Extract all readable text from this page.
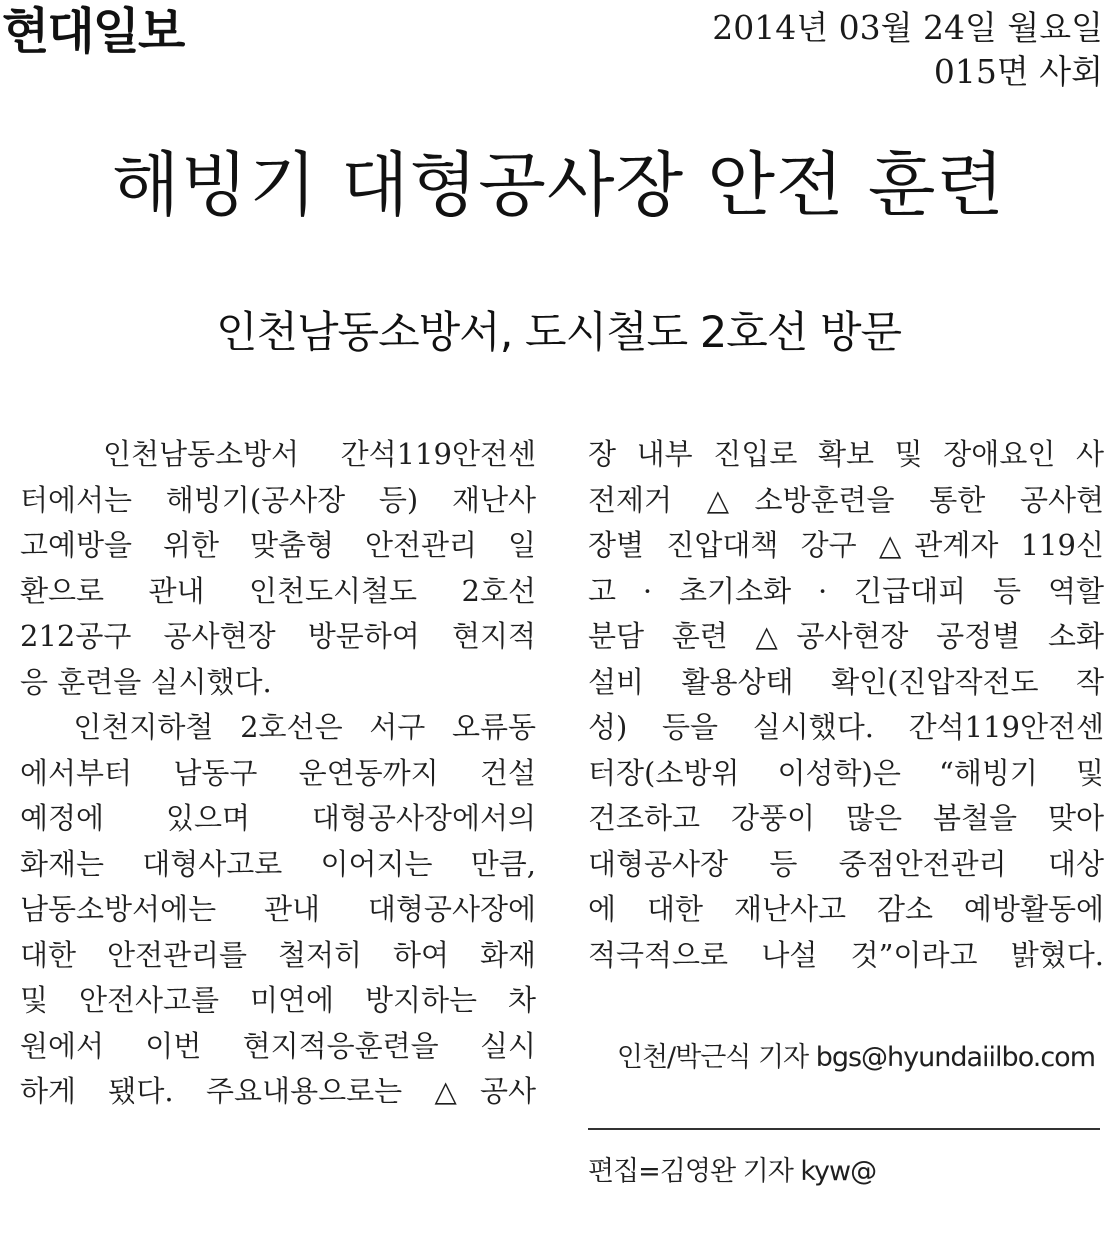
현대일보	2014년 03월 24일 월요일
015면 사회
해빙기 대형공사장 안전 훈련
인천남동소방서, 도시철도 2호선 방문
인천남동소방서 간석119안전센
터에서는 해빙기(공사장 등) 재난사
고예방을 위한 맞춤형 안전관리 일
환으로 관내 인천도시철도 2호선
212공구 공사현장 방문하여 현지적
응 훈련을 실시했다.
인천지하철 2호선은 서구 오류동
에서부터 남동구 운연동까지 건설
예정에 있으며 대형공사장에서의
화재는 대형사고로 이어지는 만큼,
남동소방서에는 관내 대형공사장에
대한 안전관리를 철저히 하여 화재
및 안전사고를 미연에 방지하는 차
원에서 이번 현지적응훈련을 실시
하게 됐다. 주요내용으로는 △공사
장 내부 진입로 확보 및 장애요인 사
전제거 △소방훈련을 통한 공사현
장별 진압대책 강구 △관계자 119신
고 · 초기소화 · 긴급대피 등 역할
분담 훈련 △공사현장 공정별 소화
설비 활용상태 확인(진압작전도 작
성) 등을 실시했다. 간석119안전센
터장(소방위 이성학)은 “해빙기 및
건조하고 강풍이 많은 봄철을 맞아
대형공사장 등 중점안전관리 대상
에 대한 재난사고 감소 예방활동에
적극적으로 나설 것”이라고 밝혔다.
인천/박근식 기자 bgs@hyundaiilbo.com
편집=김영완 기자 kyw@
